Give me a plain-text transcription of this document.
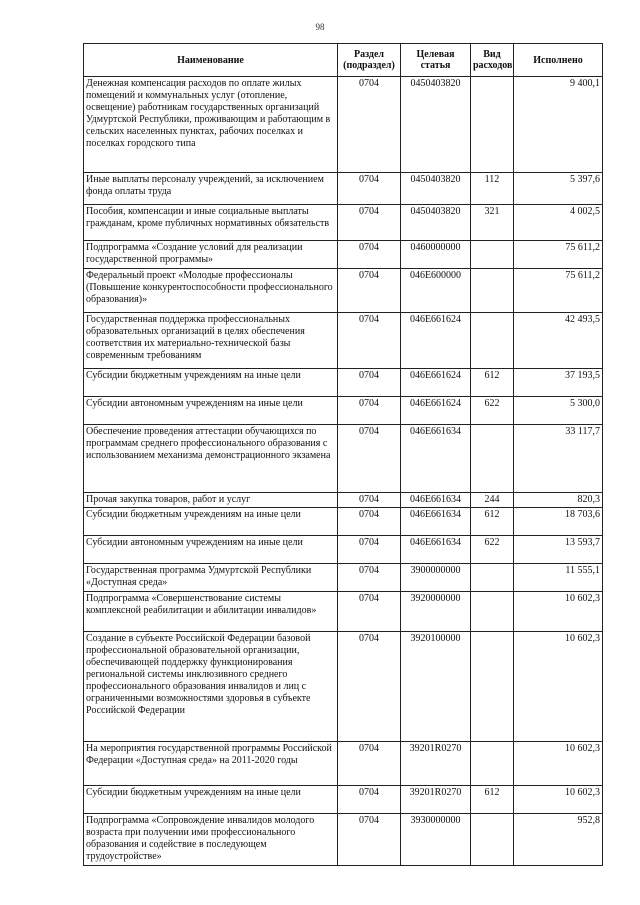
98
Наименование	Раздел (подраздел)	Целевая статья	Вид расходов	Исполнено
Денежная компенсация расходов по оплате жилых помещений и коммунальных услуг (отопление, освещение) работникам государственных организаций Удмуртской Республики, проживающим и работающим в сельских населенных пунктах, рабочих поселках и поселках городского типа	0704	0450403820		9 400,1
Иные выплаты персоналу учреждений, за исключением фонда оплаты труда	0704	0450403820	112	5 397,6
Пособия, компенсации и иные социальные выплаты гражданам, кроме публичных нормативных обязательств	0704	0450403820	321	4 002,5
Подпрограмма «Создание условий для реализации государственной программы»	0704	0460000000		75 611,2
Федеральный проект «Молодые профессионалы (Повышение конкурентоспособности профессионального образования)»	0704	046E600000		75 611,2
Государственная поддержка профессиональных образовательных организаций в целях обеспечения соответствия их материально-технической базы современным требованиям	0704	046E661624		42 493,5
Субсидии бюджетным учреждениям на иные цели	0704	046E661624	612	37 193,5
Субсидии автономным учреждениям на иные цели	0704	046E661624	622	5 300,0
Обеспечение проведения аттестации обучающихся по программам среднего профессионального образования с использованием механизма демонстрационного экзамена	0704	046E661634		33 117,7
Прочая закупка товаров, работ и услуг	0704	046E661634	244	820,3
Субсидии бюджетным учреждениям на иные цели	0704	046E661634	612	18 703,6
Субсидии автономным учреждениям на иные цели	0704	046E661634	622	13 593,7
Государственная программа Удмуртской Республики «Доступная среда»	0704	3900000000		11 555,1
Подпрограмма «Совершенствование системы комплексной реабилитации и абилитации инвалидов»	0704	3920000000		10 602,3
Создание в субъекте Российской Федерации базовой профессиональной образовательной организации, обеспечивающей поддержку функционирования региональной системы инклюзивного среднего профессионального образования инвалидов и лиц с ограниченными возможностями здоровья в субъекте Российской Федерации	0704	3920100000		10 602,3
На мероприятия государственной программы Российской Федерации «Доступная среда» на 2011-2020 годы	0704	39201R0270		10 602,3
Субсидии бюджетным учреждениям на иные цели	0704	39201R0270	612	10 602,3
Подпрограмма «Сопровождение инвалидов молодого возраста при получении ими профессионального образования и содействие в последующем трудоустройстве»	0704	3930000000		952,8
